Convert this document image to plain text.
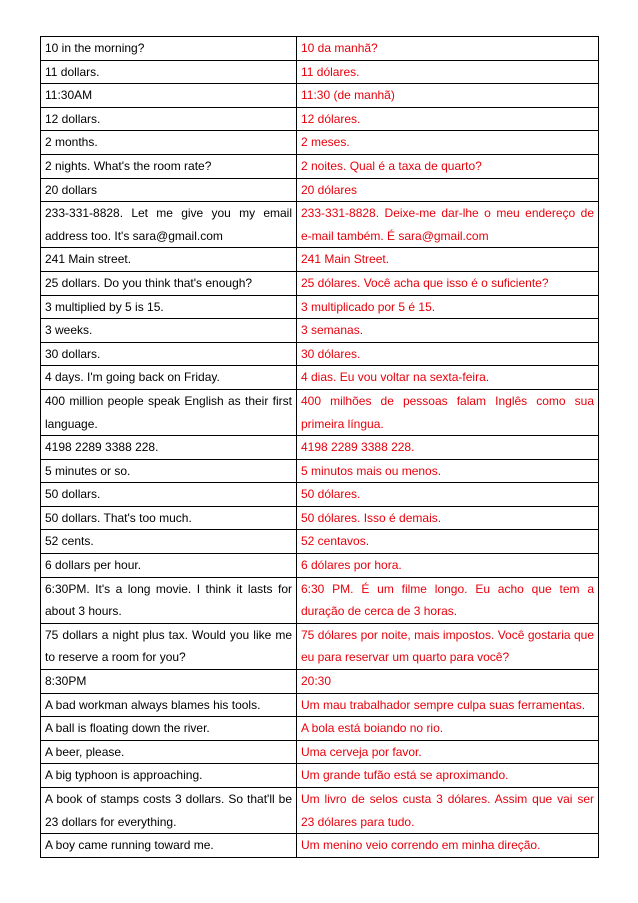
10 in the morning?	10 da manhã?
11 dollars.	11 dólares.
11:30AM	11:30 (de manhã)
12 dollars.	12 dólares.
2 months.	2 meses.
2 nights. What's the room rate?	2 noites. Qual é a taxa de quarto?
20 dollars	20 dólares
233-331-8828. Let me give you my email address too. It's sara@gmail.com	233-331-8828. Deixe-me dar-lhe o meu endereço de e-mail também. É sara@gmail.com
241 Main street.	241 Main Street.
25 dollars. Do you think that's enough?	25 dólares. Você acha que isso é o suficiente?
3 multiplied by 5 is 15.	3 multiplicado por 5 é 15.
3 weeks.	3 semanas.
30 dollars.	30 dólares.
4 days. I'm going back on Friday.	4 dias. Eu vou voltar na sexta-feira.
400 million people speak English as their first language.	400 milhões de pessoas falam Inglês como sua primeira língua.
4198 2289 3388 228.	4198 2289 3388 228.
5 minutes or so.	5 minutos mais ou menos.
50 dollars.	50 dólares.
50 dollars. That's too much.	50 dólares. Isso é demais.
52 cents.	52 centavos.
6 dollars per hour.	6 dólares por hora.
6:30PM. It's a long movie. I think it lasts for about 3 hours.	6:30 PM. É um filme longo. Eu acho que tem a duração de cerca de 3 horas.
75 dollars a night plus tax. Would you like me to reserve a room for you?	75 dólares por noite, mais impostos. Você gostaria que eu para reservar um quarto para você?
8:30PM	20:30
A bad workman always blames his tools.	Um mau trabalhador sempre culpa suas ferramentas.
A ball is floating down the river.	A bola está boiando no rio.
A beer, please.	Uma cerveja por favor.
A big typhoon is approaching.	Um grande tufão está se aproximando.
A book of stamps costs 3 dollars. So that'll be 23 dollars for everything.	Um livro de selos custa 3 dólares. Assim que vai ser 23 dólares para tudo.
A boy came running toward me.	Um menino veio correndo em minha direção.
